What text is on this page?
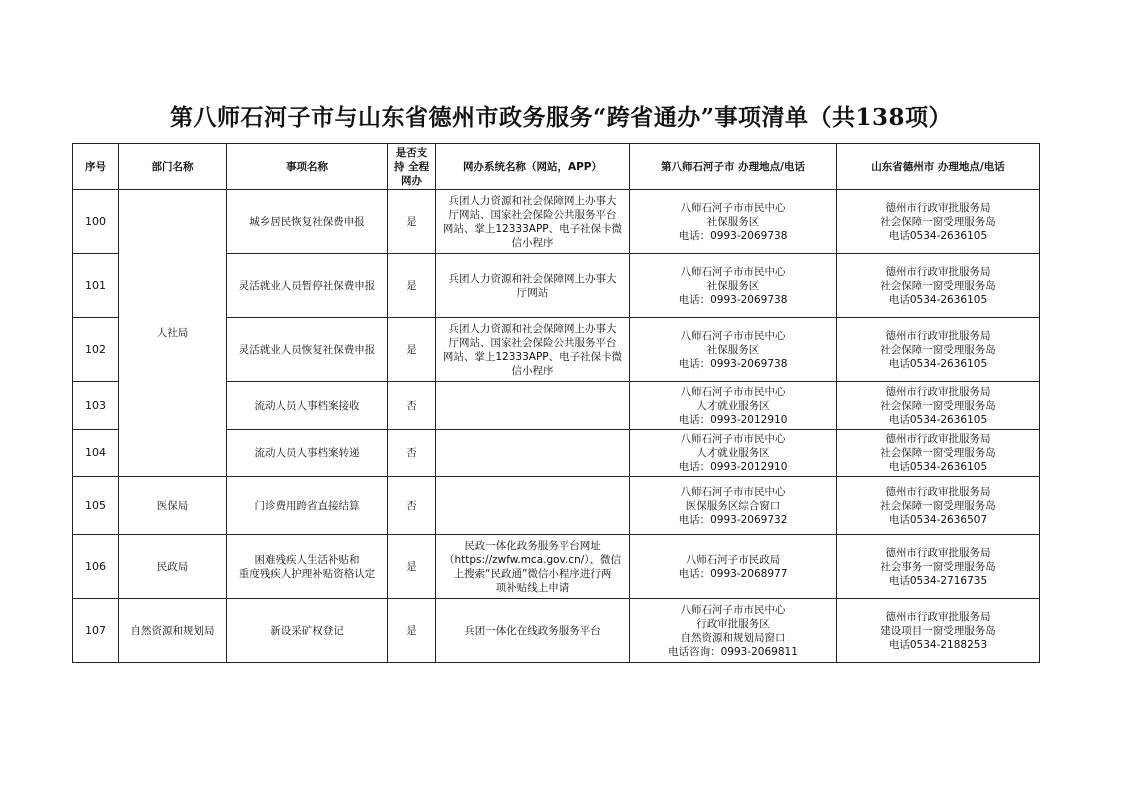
第八师石河子市与山东省德州市政务服务“跨省通办”事项清单（共138项）
序号	部门名称	事项名称	是否支持 全程网办	网办系统名称（网站，APP）	第八师石河子市 办理地点/电话	山东省德州市 办理地点/电话
100	人社局	城乡居民恢复社保费申报	是	兵团人力资源和社会保障网上办事大
厅网站、国家社会保险公共服务平台
网站、掌上12333APP、电子社保卡微
信小程序	八师石河子市市民中心
社保服务区
电话：0993-2069738	德州市行政审批服务局
社会保障一窗受理服务岛
电话0534-2636105
101		灵活就业人员暂停社保费申报	是	兵团人力资源和社会保障网上办事大
厅网站	八师石河子市市民中心
社保服务区
电话：0993-2069738	德州市行政审批服务局
社会保障一窗受理服务岛
电话0534-2636105
102		灵活就业人员恢复社保费申报	是	兵团人力资源和社会保障网上办事大
厅网站、国家社会保险公共服务平台
网站、掌上12333APP、电子社保卡微
信小程序	八师石河子市市民中心
社保服务区
电话：0993-2069738	德州市行政审批服务局
社会保障一窗受理服务岛
电话0534-2636105
103		流动人员人事档案接收	否		八师石河子市市民中心
人才就业服务区
电话：0993-2012910	德州市行政审批服务局
社会保障一窗受理服务岛
电话0534-2636105
104		流动人员人事档案转递	否		八师石河子市市民中心
人才就业服务区
电话：0993-2012910	德州市行政审批服务局
社会保障一窗受理服务岛
电话0534-2636105
105	医保局	门诊费用跨省直接结算	否		八师石河子市市民中心
医保服务区综合窗口
电话：0993-2069732	德州市行政审批服务局
社会保障一窗受理服务岛
电话0534-2636507
106	民政局	困难残疾人生活补贴和
重度残疾人护理补贴资格认定	是	民政一体化政务服务平台网址
（https://zwfw.mca.gov.cn/）、微信
上搜索“民政通”微信小程序进行两
项补贴线上申请	八师石河子市民政局
电话：0993-2068977	德州市行政审批服务局
社会事务一窗受理服务岛
电话0534-2716735
107	自然资源和规划局	新设采矿权登记	是	兵团一体化在线政务服务平台	八师石河子市市民中心
行政审批服务区
自然资源和规划局窗口
电话咨询：0993-2069811	德州市行政审批服务局
建设项目一窗受理服务岛
电话0534-2188253
